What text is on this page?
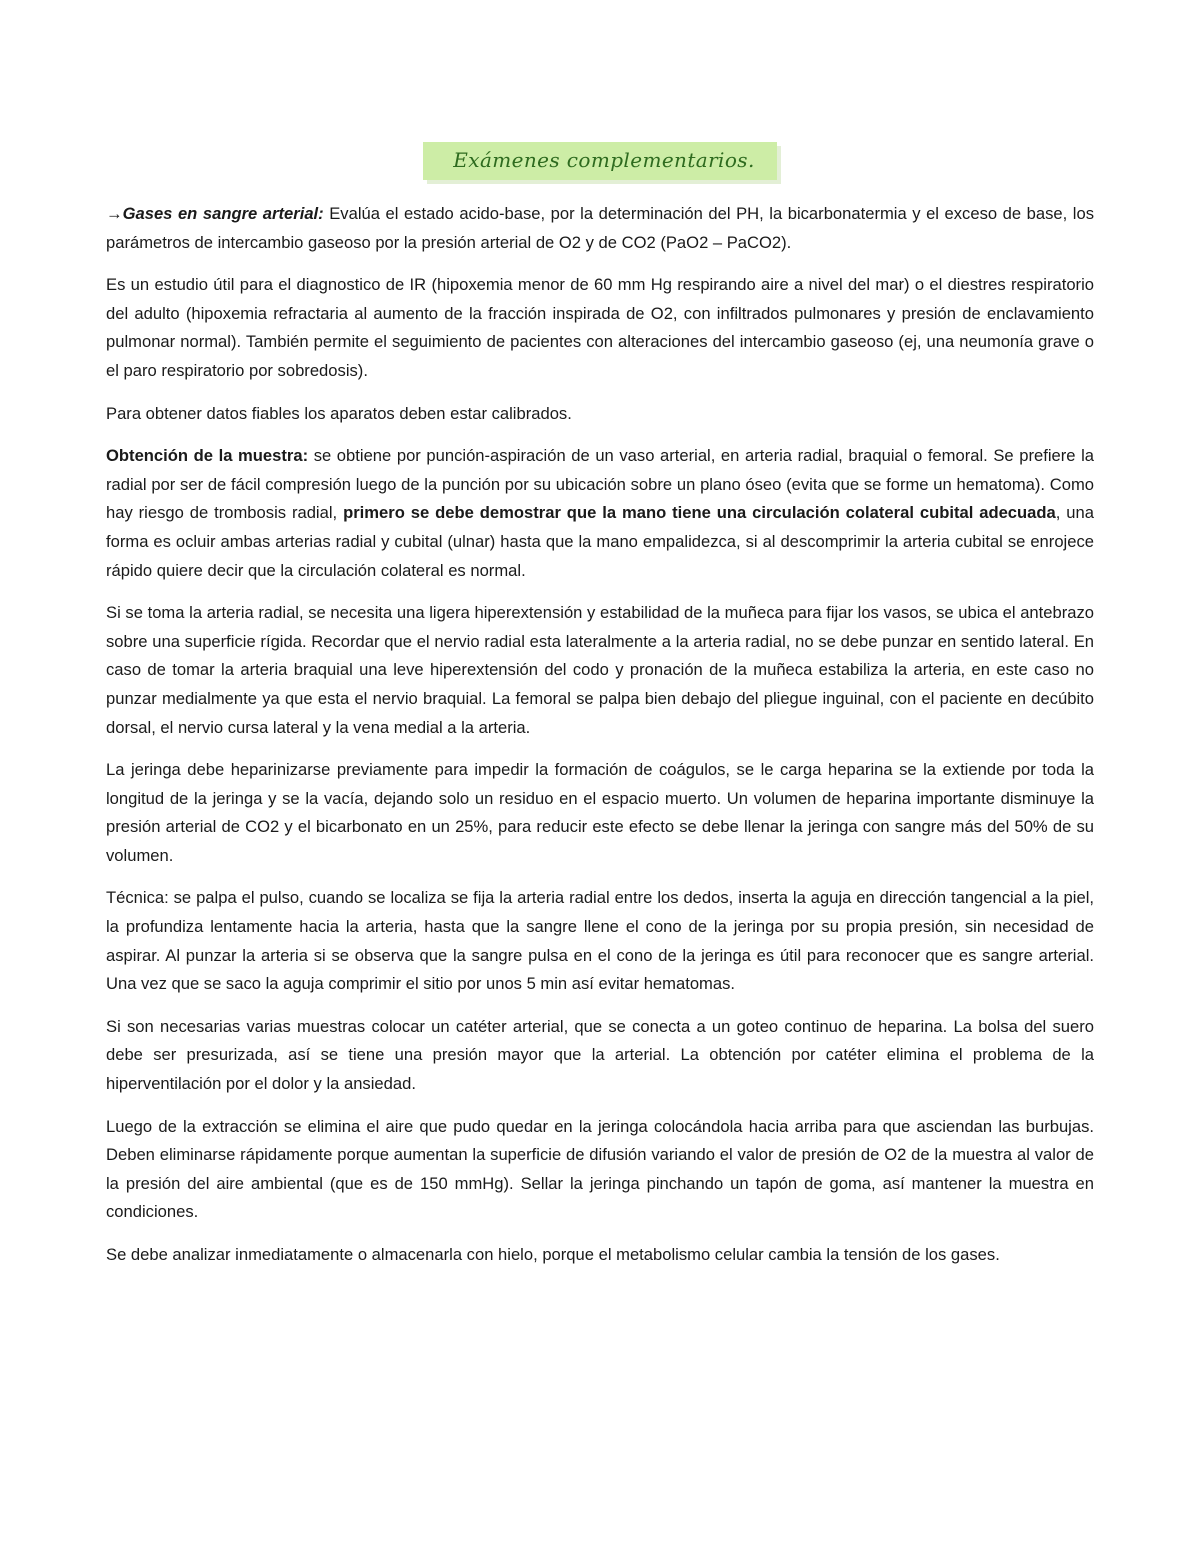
Exámenes complementarios.

→Gases en sangre arterial: Evalúa el estado acido-base, por la determinación del PH, la bicarbonatermia y el exceso de base, los parámetros de intercambio gaseoso por la presión arterial de O2 y de CO2 (PaO2 – PaCO2).

Es un estudio útil para el diagnostico de IR (hipoxemia menor de 60 mm Hg respirando aire a nivel del mar) o el diestres respiratorio del adulto (hipoxemia refractaria al aumento de la fracción inspirada de O2, con infiltrados pulmonares y presión de enclavamiento pulmonar normal). También permite el seguimiento de pacientes con alteraciones del intercambio gaseoso (ej, una neumonía grave o el paro respiratorio por sobredosis).

Para obtener datos fiables los aparatos deben estar calibrados.

Obtención de la muestra: se obtiene por punción-aspiración de un vaso arterial, en arteria radial, braquial o femoral. Se prefiere la radial por ser de fácil compresión luego de la punción por su ubicación sobre un plano óseo (evita que se forme un hematoma). Como hay riesgo de trombosis radial, primero se debe demostrar que la mano tiene una circulación colateral cubital adecuada, una forma es ocluir ambas arterias radial y cubital (ulnar) hasta que la mano empalidezca, si al descomprimir la arteria cubital se enrojece rápido quiere decir que la circulación colateral es normal.

Si se toma la arteria radial, se necesita una ligera hiperextensión y estabilidad de la muñeca para fijar los vasos, se ubica el antebrazo sobre una superficie rígida. Recordar que el nervio radial esta lateralmente a la arteria radial, no se debe punzar en sentido lateral. En caso de tomar la arteria braquial una leve hiperextensión del codo y pronación de la muñeca estabiliza la arteria, en este caso no punzar medialmente ya que esta el nervio braquial. La femoral se palpa bien debajo del pliegue inguinal, con el paciente en decúbito dorsal, el nervio cursa lateral y la vena medial a la arteria.

La jeringa debe heparinizarse previamente para impedir la formación de coágulos, se le carga heparina se la extiende por toda la longitud de la jeringa y se la vacía, dejando solo un residuo en el espacio muerto. Un volumen de heparina importante disminuye la presión arterial de CO2 y el bicarbonato en un 25%, para reducir este efecto se debe llenar la jeringa con sangre más del 50% de su volumen.

Técnica: se palpa el pulso, cuando se localiza se fija la arteria radial entre los dedos, inserta la aguja en dirección tangencial a la piel, la profundiza lentamente hacia la arteria, hasta que la sangre llene el cono de la jeringa por su propia presión, sin necesidad de aspirar. Al punzar la arteria si se observa que la sangre pulsa en el cono de la jeringa es útil para reconocer que es sangre arterial. Una vez que se saco la aguja comprimir el sitio por unos 5 min así evitar hematomas.

Si son necesarias varias muestras colocar un catéter arterial, que se conecta a un goteo continuo de heparina. La bolsa del suero debe ser presurizada, así se tiene una presión mayor que la arterial. La obtención por catéter elimina el problema de la hiperventilación por el dolor y la ansiedad.

Luego de la extracción se elimina el aire que pudo quedar en la jeringa colocándola hacia arriba para que asciendan las burbujas. Deben eliminarse rápidamente porque aumentan la superficie de difusión variando el valor de presión de O2 de la muestra al valor de la presión del aire ambiental (que es de 150 mmHg). Sellar la jeringa pinchando un tapón de goma, así mantener la muestra en condiciones.

Se debe analizar inmediatamente o almacenarla con hielo, porque el metabolismo celular cambia la tensión de los gases.
